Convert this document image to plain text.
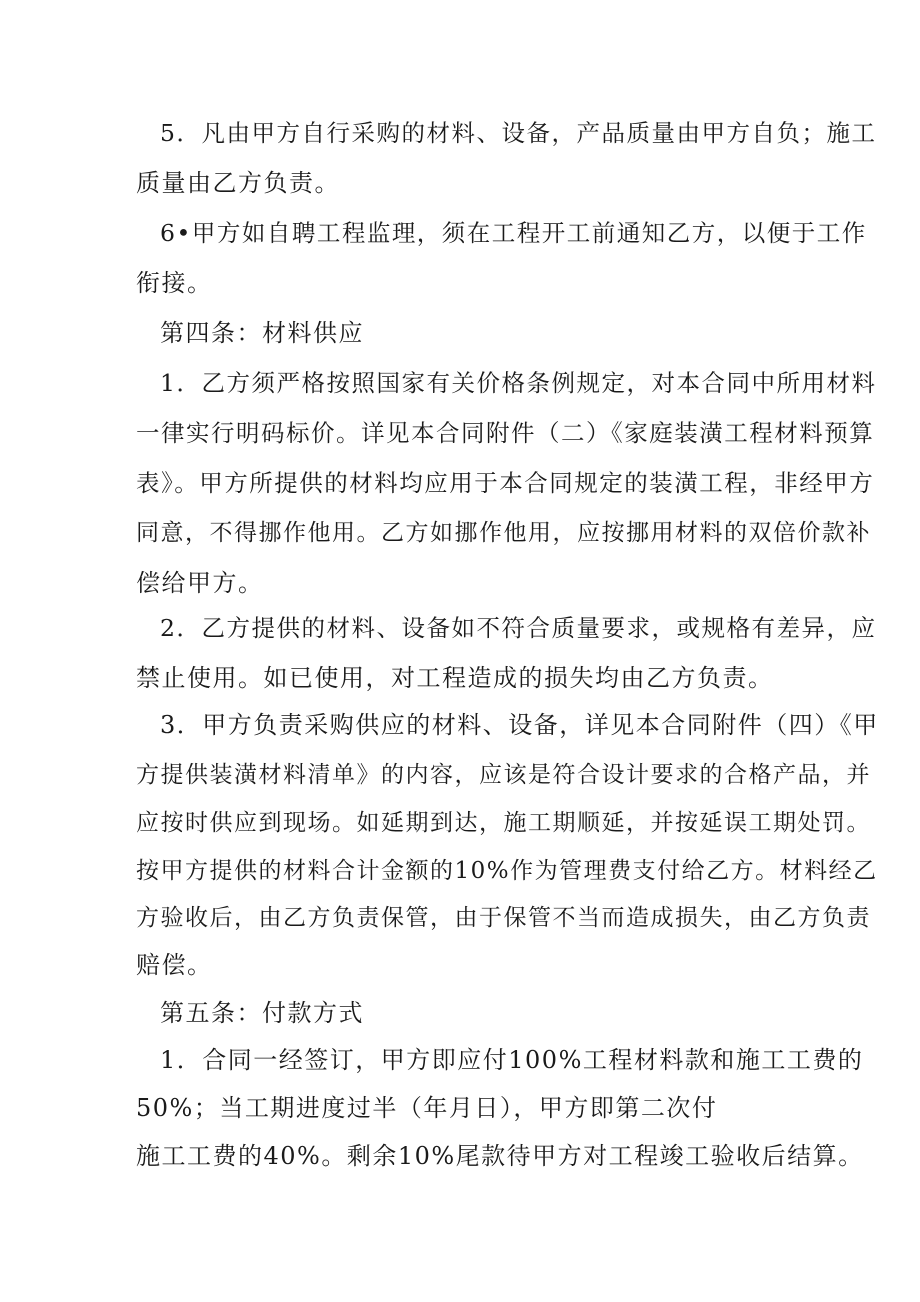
5．凡由甲方自行采购的材料、设备，产品质量由甲方自负；施工
质量由乙方负责。
6•甲方如自聘工程监理，须在工程开工前通知乙方，以便于工作
衔接。
第四条：材料供应
1．乙方须严格按照国家有关价格条例规定，对本合同中所用材料
一律实行明码标价。详见本合同附件（二）《家庭装潢工程材料预算
表》。甲方所提供的材料均应用于本合同规定的装潢工程，非经甲方
同意，不得挪作他用。乙方如挪作他用，应按挪用材料的双倍价款补
偿给甲方。
2．乙方提供的材料、设备如不符合质量要求，或规格有差异，应
禁止使用。如已使用，对工程造成的损失均由乙方负责。
3．甲方负责采购供应的材料、设备，详见本合同附件（四）《甲
方提供装潢材料清单》的内容，应该是符合设计要求的合格产品，并
应按时供应到现场。如延期到达，施工期顺延，并按延误工期处罚。
按甲方提供的材料合计金额的10%作为管理费支付给乙方。材料经乙
方验收后，由乙方负责保管，由于保管不当而造成损失，由乙方负责
赔偿。
第五条：付款方式
1．合同一经签订，甲方即应付100%工程材料款和施工工费的
50%；当工期进度过半（年月日），甲方即第二次付
施工工费的40%。剩余10%尾款待甲方对工程竣工验收后结算。
